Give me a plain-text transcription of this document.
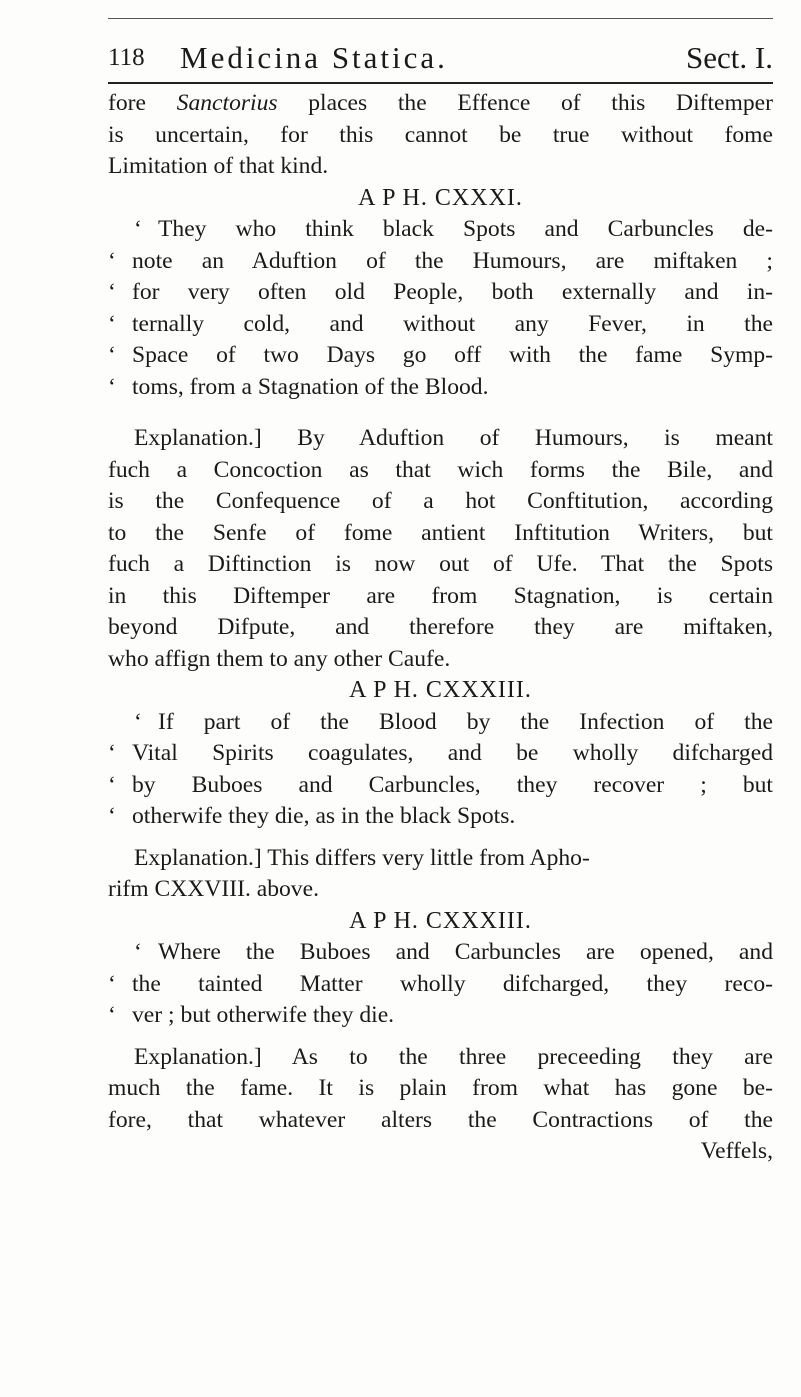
118 Medicina Statica.	Sect. I.

fore Sanctorius places the Effence of this Diftemper

is uncertain, for this cannot be true without fome

Limitation of that kind.

A P H. CXXXI.

‘ They who think black Spots and Carbuncles de-

‘ note an Aduftion of the Humours, are miftaken ;

‘ for very often old People, both externally and in-

‘ ternally cold, and without any Fever, in the

‘ Space of two Days go off with the fame Symp-

‘ toms, from a Stagnation of the Blood.

Explanation.] By Aduftion of Humours, is meant

fuch a Concoction as that wich forms the Bile, and

is the Confequence of a hot Conftitution, according

to the Senfe of fome antient Inftitution Writers, but

fuch a Diftinction is now out of Ufe. That the Spots

in this Diftemper are from Stagnation, is certain

beyond Difpute, and therefore they are miftaken,

who affign them to any other Caufe.

A P H. CXXXIII.

‘ If part of the Blood by the Infection of the

‘ Vital Spirits coagulates, and be wholly difcharged

‘ by Buboes and Carbuncles, they recover ; but

‘ otherwife they die, as in the black Spots.

Explanation.] This differs very little from Apho-

rifm CXXVIII. above.

A P H. CXXXIII.

‘ Where the Buboes and Carbuncles are opened, and

‘ the tainted Matter wholly difcharged, they reco-

‘ ver ; but otherwife they die.

Explanation.] As to the three preceeding they are

much the fame. It is plain from what has gone be-

fore, that whatever alters the Contractions of the

Veffels,
